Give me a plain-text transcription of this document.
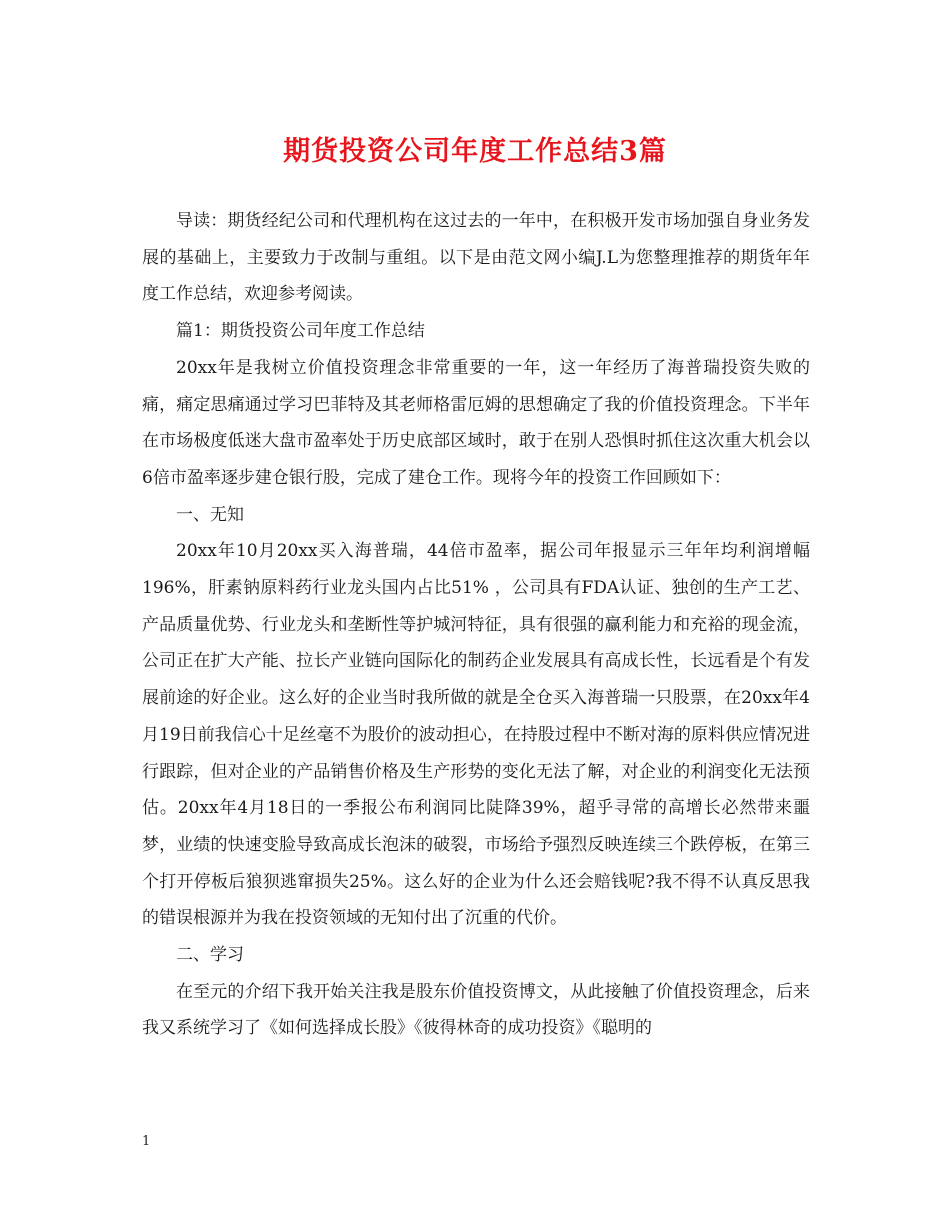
期货投资公司年度工作总结3篇

导读：期货经纪公司和代理机构在这过去的一年中，在积极开发市场加强自身业务发展的基础上，主要致力于改制与重组。以下是由范文网小编J.L为您整理推荐的期货年年度工作总结，欢迎参考阅读。

篇1：期货投资公司年度工作总结

20xx年是我树立价值投资理念非常重要的一年，这一年经历了海普瑞投资失败的痛，痛定思痛通过学习巴菲特及其老师格雷厄姆的思想确定了我的价值投资理念。下半年在市场极度低迷大盘市盈率处于历史底部区域时，敢于在别人恐惧时抓住这次重大机会以6倍市盈率逐步建仓银行股，完成了建仓工作。现将今年的投资工作回顾如下：

一、无知

20xx年10月20xx买入海普瑞，44倍市盈率，据公司年报显示三年年均利润增幅196%，肝素钠原料药行业龙头国内占比51% ，公司具有FDA认证、独创的生产工艺、产品质量优势、行业龙头和垄断性等护城河特征，具有很强的赢利能力和充裕的现金流，公司正在扩大产能、拉长产业链向国际化的制药企业发展具有高成长性，长远看是个有发展前途的好企业。这么好的企业当时我所做的就是全仓买入海普瑞一只股票，在20xx年4月19日前我信心十足丝毫不为股价的波动担心，在持股过程中不断对海的原料供应情况进行跟踪，但对企业的产品销售价格及生产形势的变化无法了解，对企业的利润变化无法预估。20xx年4月18日的一季报公布利润同比陡降39%，超乎寻常的高增长必然带来噩梦，业绩的快速变脸导致高成长泡沫的破裂，市场给予强烈反映连续三个跌停板，在第三个打开停板后狼狈逃窜损失25%。这么好的企业为什么还会赔钱呢?我不得不认真反思我的错误根源并为我在投资领域的无知付出了沉重的代价。

二、学习

在至元的介绍下我开始关注我是股东价值投资博文，从此接触了价值投资理念，后来我又系统学习了《如何选择成长股》《彼得林奇的成功投资》《聪明的

1
